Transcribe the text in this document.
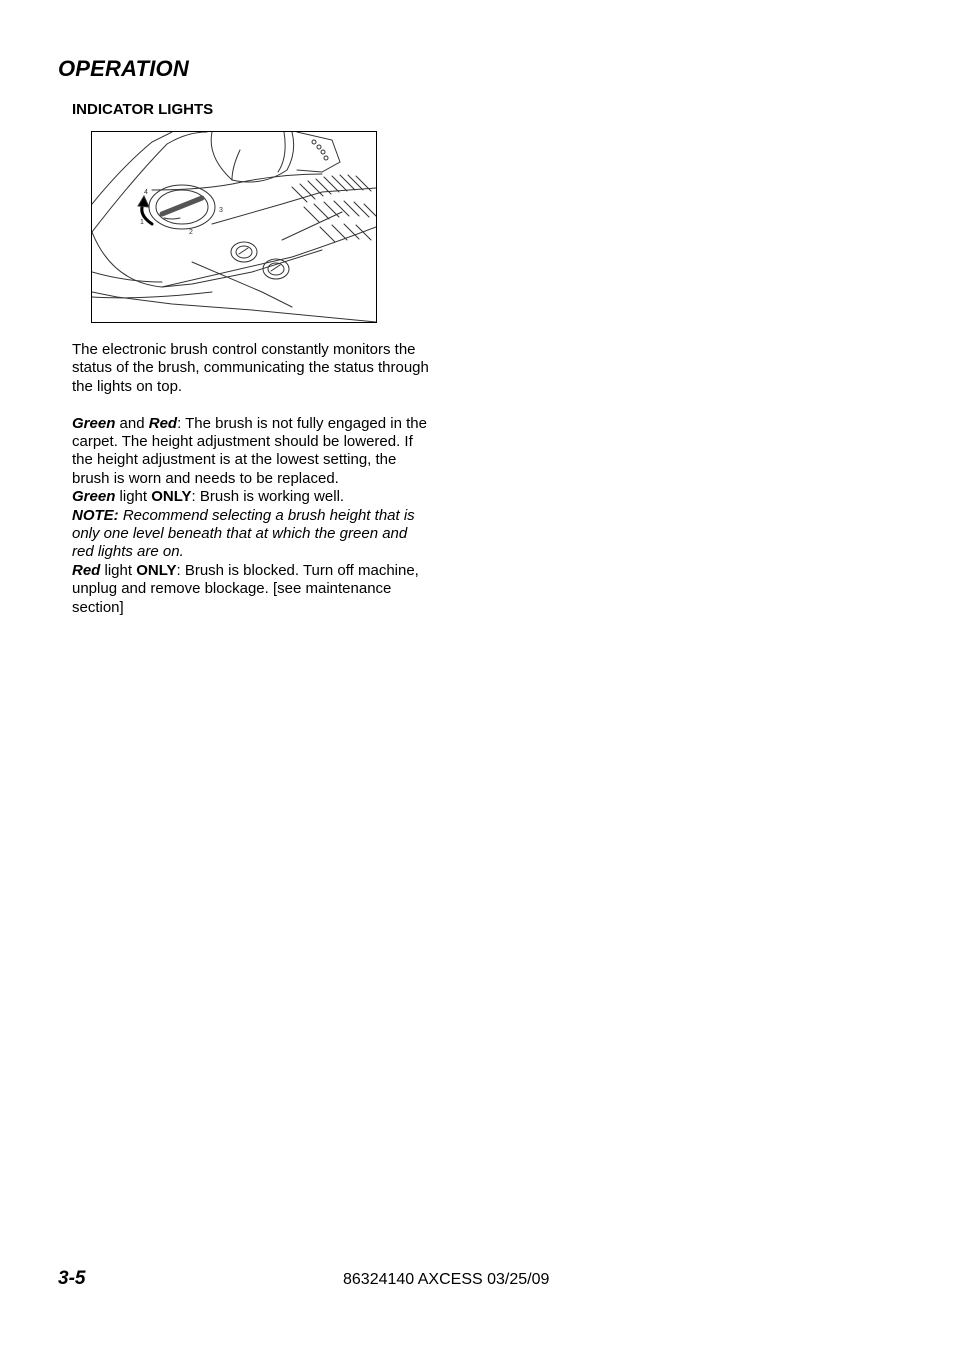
OPERATION
INDICATOR LIGHTS
1
2
3
4

The electronic brush control constantly monitors the status of the brush, communicating the status through the lights on top.

Green and Red: The brush is not fully engaged in the carpet. The height adjustment should be lowered. If the height adjustment is at the lowest setting, the brush is worn and needs to be replaced.

Green light ONLY: Brush is working well.

NOTE: Recommend selecting a brush height that is only one level beneath that at which the green and red lights are on.

Red light ONLY: Brush is blocked. Turn off machine, unplug and remove blockage. [see maintenance section]

3-5	86324140 AXCESS 03/25/09
